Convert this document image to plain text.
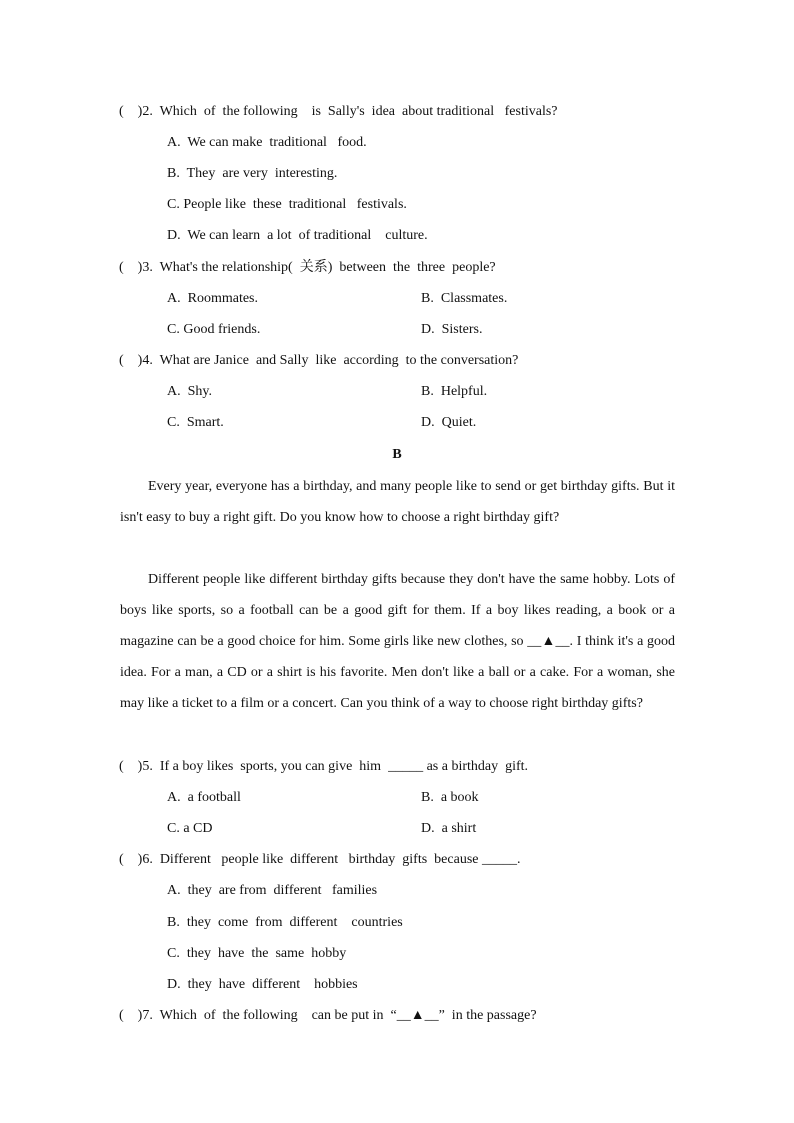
(    )2.  Which  of  the following    is  Sally's  idea  about traditional   festivals?
A.  We can make  traditional   food.
B.  They  are very  interesting.
C. People like  these  traditional   festivals.
D.  We can learn  a lot  of traditional    culture.
(    )3.  What's the relationship(  关系)  between  the  three  people?
A.  Roommates.	B.  Classmates.
C. Good friends.	D.  Sisters.
(    )4.  What are Janice  and Sally  like  according  to the conversation?
A.  Shy.	B.  Helpful.
C.  Smart.	D.  Quiet.
B
Every year, everyone has a birthday, and many people like to send or get birthday gifts. But it isn't easy to buy a right gift. Do you know how to choose a right birthday gift?
Different people like different birthday gifts because they don't have the same hobby. Lots of boys like sports, so a football can be a good gift for them. If a boy likes reading, a book or a magazine can be a good choice for him. Some girls like new clothes, so __▲__. I think it's a good idea. For a man, a CD or a shirt is his favorite. Men don't like a ball or a cake. For a woman, she may like a ticket to a film or a concert. Can you think of a way to choose right birthday gifts?
(    )5.  If a boy likes  sports, you can give  him  _____ as a birthday  gift.
A.  a football	B.  a book
C. a CD	D.  a shirt
(    )6.  Different   people like  different   birthday  gifts  because _____.
A.  they  are from  different   families
B.  they  come  from  different    countries
C.  they  have  the  same  hobby
D.  they  have  different    hobbies
(    )7.  Which  of  the following    can be put in  “__▲__”  in the passage?
